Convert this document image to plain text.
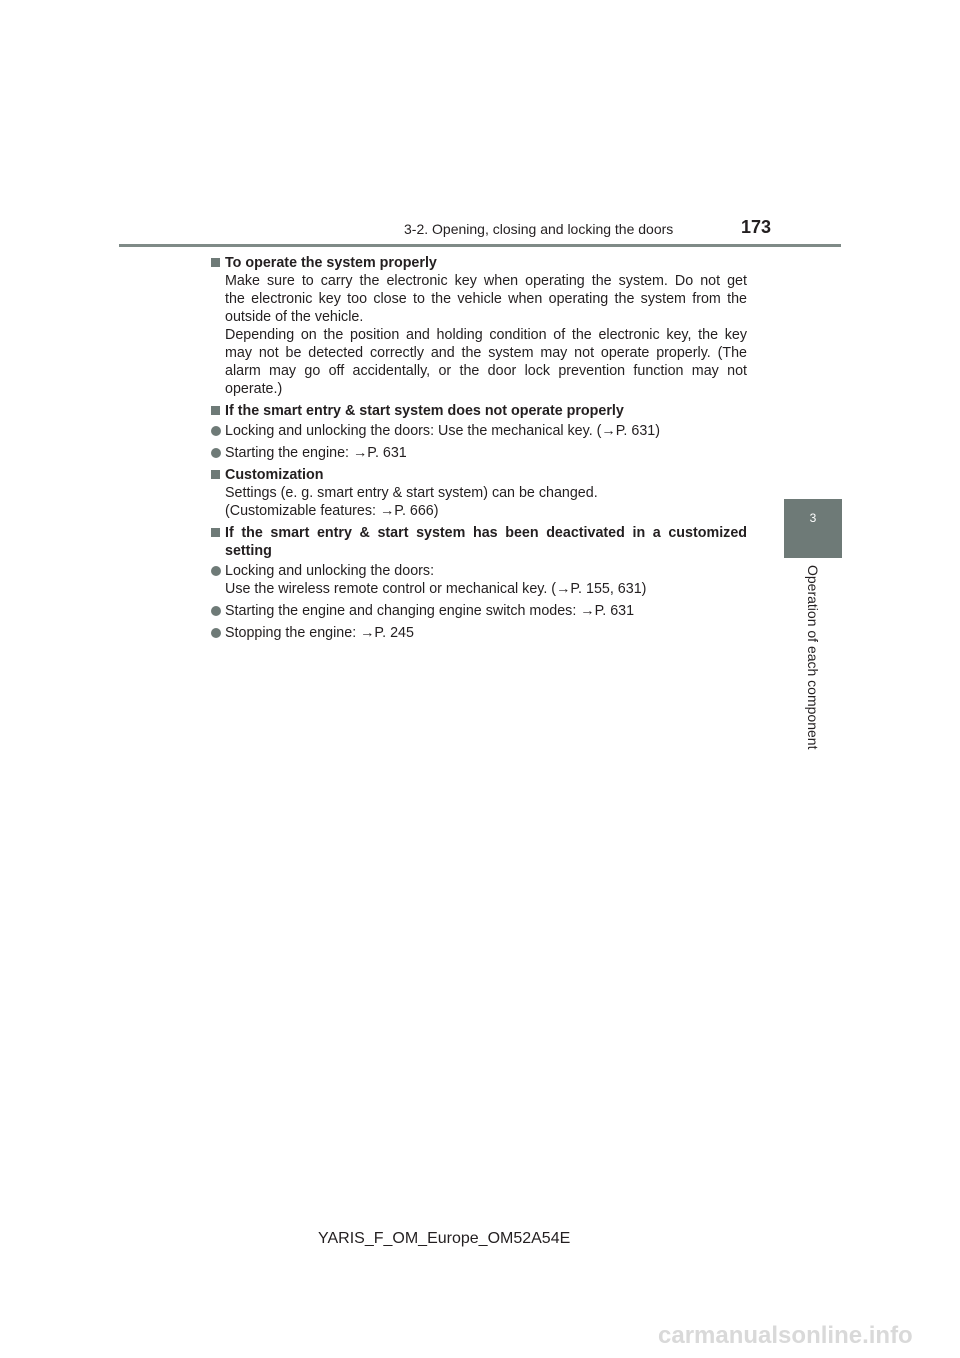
3-2. Opening, closing and locking the doors	173
3
Operation of each component
To operate the system properly
Make sure to carry the electronic key when operating the system. Do not get
the electronic key too close to the vehicle when operating the system from the
outside of the vehicle.
Depending on the position and holding condition of the electronic key, the key
may not be detected correctly and the system may not operate properly. (The
alarm may go off accidentally, or the door lock prevention function may not
operate.)
If the smart entry & start system does not operate properly
Locking and unlocking the doors: Use the mechanical key. (→P. 631)
Starting the engine: →P. 631
Customization
Settings (e. g. smart entry & start system) can be changed.
(Customizable features: →P. 666)
If the smart entry & start system has been deactivated in a customized setting
Locking and unlocking the doors:
Use the wireless remote control or mechanical key. (→P. 155, 631)
Starting the engine and changing engine switch modes: →P. 631
Stopping the engine: →P. 245
YARIS_F_OM_Europe_OM52A54E
carmanualsonline.info
